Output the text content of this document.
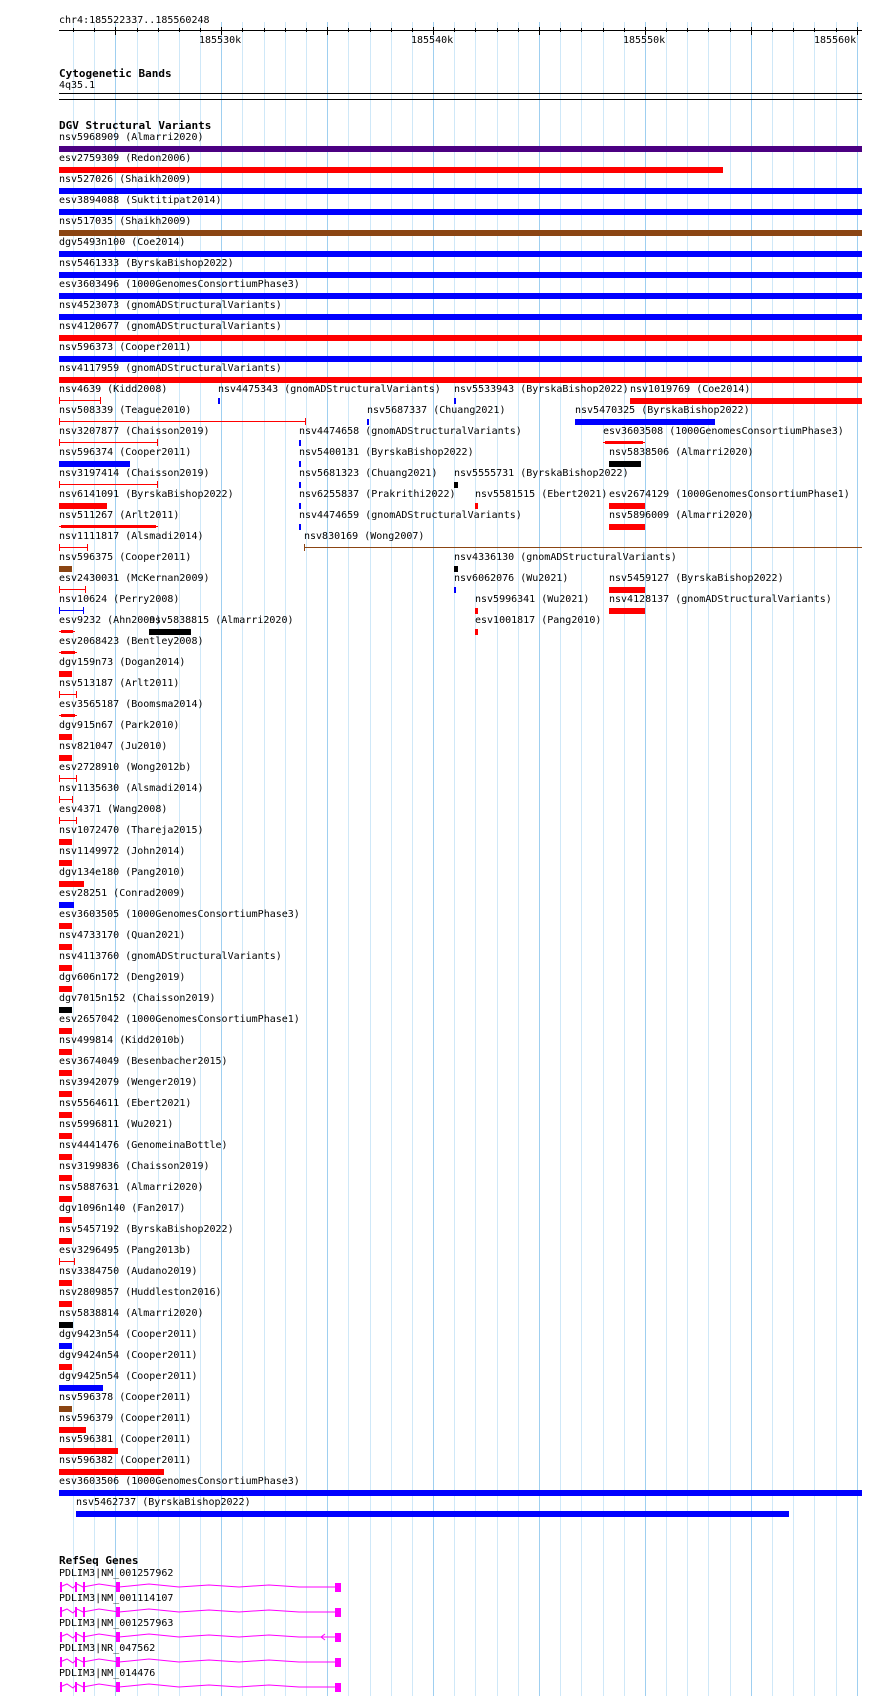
chr4:185522337..185560248
185530k	185540k	185550k	185560k
Cytogenetic Bands
4q35.1
DGV Structural Variants
nsv5968909 (Almarri2020)
esv2759309 (Redon2006)
nsv527026 (Shaikh2009)
esv3894088 (Suktitipat2014)
nsv517035 (Shaikh2009)
dgv5493n100 (Coe2014)
nsv5461333 (ByrskaBishop2022)
esv3603496 (1000GenomesConsortiumPhase3)
nsv4523073 (gnomADStructuralVariants)
nsv4120677 (gnomADStructuralVariants)
nsv596373 (Cooper2011)
nsv4117959 (gnomADStructuralVariants)
nsv4639 (Kidd2008)	nsv4475343 (gnomADStructuralVariants) nsv5533943 (ByrskaBishop2022) nsv1019769 (Coe2014)
nsv508339 (Teague2010)	nsv5687337 (Chuang2021)	nsv5470325 (ByrskaBishop2022)
nsv3207877 (Chaisson2019)	nsv4474658 (gnomADStructuralVariants)	esv3603508 (1000GenomesConsortiumPhase3)
nsv596374 (Cooper2011)	nsv5400131 (ByrskaBishop2022)	nsv5838506 (Almarri2020)
nsv3197414 (Chaisson2019)	nsv5681323 (Chuang2021) nsv5555731 (ByrskaBishop2022)
nsv6141091 (ByrskaBishop2022)	nsv6255837 (Prakrithi2022) nsv5581515 (Ebert2021) esv2674129 (1000GenomesConsortiumPhase1)
nsv511267 (Arlt2011)	nsv4474659 (gnomADStructuralVariants)	nsv5896009 (Almarri2020)
nsv1111817 (Alsmadi2014)	nsv830169 (Wong2007)
nsv596375 (Cooper2011)	nsv4336130 (gnomADStructuralVariants)
esv2430031 (McKernan2009)	nsv6062076 (Wu2021)	nsv5459127 (ByrskaBishop2022)
nsv10624 (Perry2008)	nsv5996341 (Wu2021) nsv4128137 (gnomADStructuralVariants)
esv9232 (Ahn2009)
nsv5838815 (Almarri2020)	esv1001817 (Pang2010)
esv2068423 (Bentley2008)
dgv159n73 (Dogan2014)
nsv513187 (Arlt2011)
esv3565187 (Boomsma2014)
dgv915n67 (Park2010)
nsv821047 (Ju2010)
esv2728910 (Wong2012b)
nsv1135630 (Alsmadi2014)
esv4371 (Wang2008)
nsv1072470 (Thareja2015)
nsv1149972 (John2014)
dgv134e180 (Pang2010)
esv28251 (Conrad2009)
esv3603505 (1000GenomesConsortiumPhase3)
nsv4733170 (Quan2021)
nsv4113760 (gnomADStructuralVariants)
dgv606n172 (Deng2019)
dgv7015n152 (Chaisson2019)
esv2657042 (1000GenomesConsortiumPhase1)
nsv499814 (Kidd2010b)
esv3674049 (Besenbacher2015)
nsv3942079 (Wenger2019)
nsv5564611 (Ebert2021)
nsv5996811 (Wu2021)
nsv4441476 (GenomeinaBottle)
nsv3199836 (Chaisson2019)
nsv5887631 (Almarri2020)
dgv1096n140 (Fan2017)
nsv5457192 (ByrskaBishop2022)
esv3296495 (Pang2013b)
nsv3384750 (Audano2019)
nsv2809857 (Huddleston2016)
nsv5838814 (Almarri2020)
dgv9423n54 (Cooper2011)
dgv9424n54 (Cooper2011)
dgv9425n54 (Cooper2011)
nsv596378 (Cooper2011)
nsv596379 (Cooper2011)
nsv596381 (Cooper2011)
nsv596382 (Cooper2011)
esv3603506 (1000GenomesConsortiumPhase3)
nsv5462737 (ByrskaBishop2022)
RefSeq Genes
PDLIM3|NM_001257962
PDLIM3|NM_001114107
PDLIM3|NM_001257963
PDLIM3|NR_047562
PDLIM3|NM_014476
